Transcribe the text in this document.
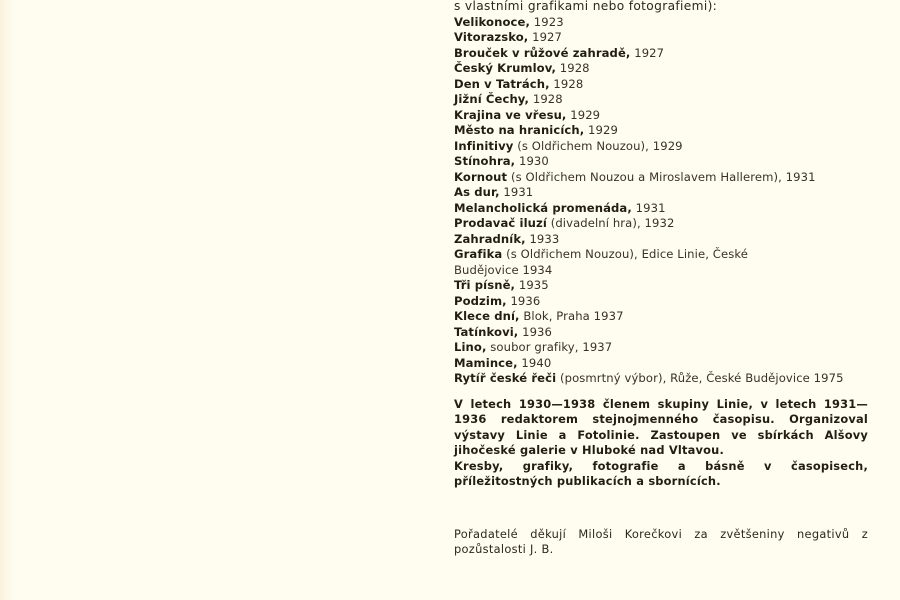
s vlastními grafikami nebo fotografiemi):
Velikonoce, 1923
Vitorazsko, 1927
Brouček v růžové zahradě, 1927
Český Krumlov, 1928
Den v Tatrách, 1928
Jižní Čechy, 1928
Krajina ve vřesu, 1929
Město na hranicích, 1929
Infinitivy (s Oldřichem Nouzou), 1929
Stínohra, 1930
Kornout (s Oldřichem Nouzou a Miroslavem Hallerem), 1931
As dur, 1931
Melancholická promenáda, 1931
Prodavač iluzí (divadelní hra), 1932
Zahradník, 1933
Grafika (s Oldřichem Nouzou), Edice Linie, České Budějovice 1934
Tři písně, 1935
Podzim, 1936
Klece dní, Blok, Praha 1937
Tatínkovi, 1936
Lino, soubor grafiky, 1937
Mamince, 1940
Rytíř české řeči (posmrtný výbor), Růže, České Budějovice 1975

V letech 1930—1938 členem skupiny Linie, v letech 1931—1936 redaktorem stejnojmenného časopisu. Organizoval výstavy Linie a Fotolinie. Zastoupen ve sbírkách Alšovy jihočeské galerie v Hluboké nad Vltavou.

Kresby, grafiky, fotografie a básně v časopisech, příležitostných publikacích a sbornících.

Pořadatelé děkují Miloši Korečkovi za zvětšeniny negativů z pozůstalosti J. B.
